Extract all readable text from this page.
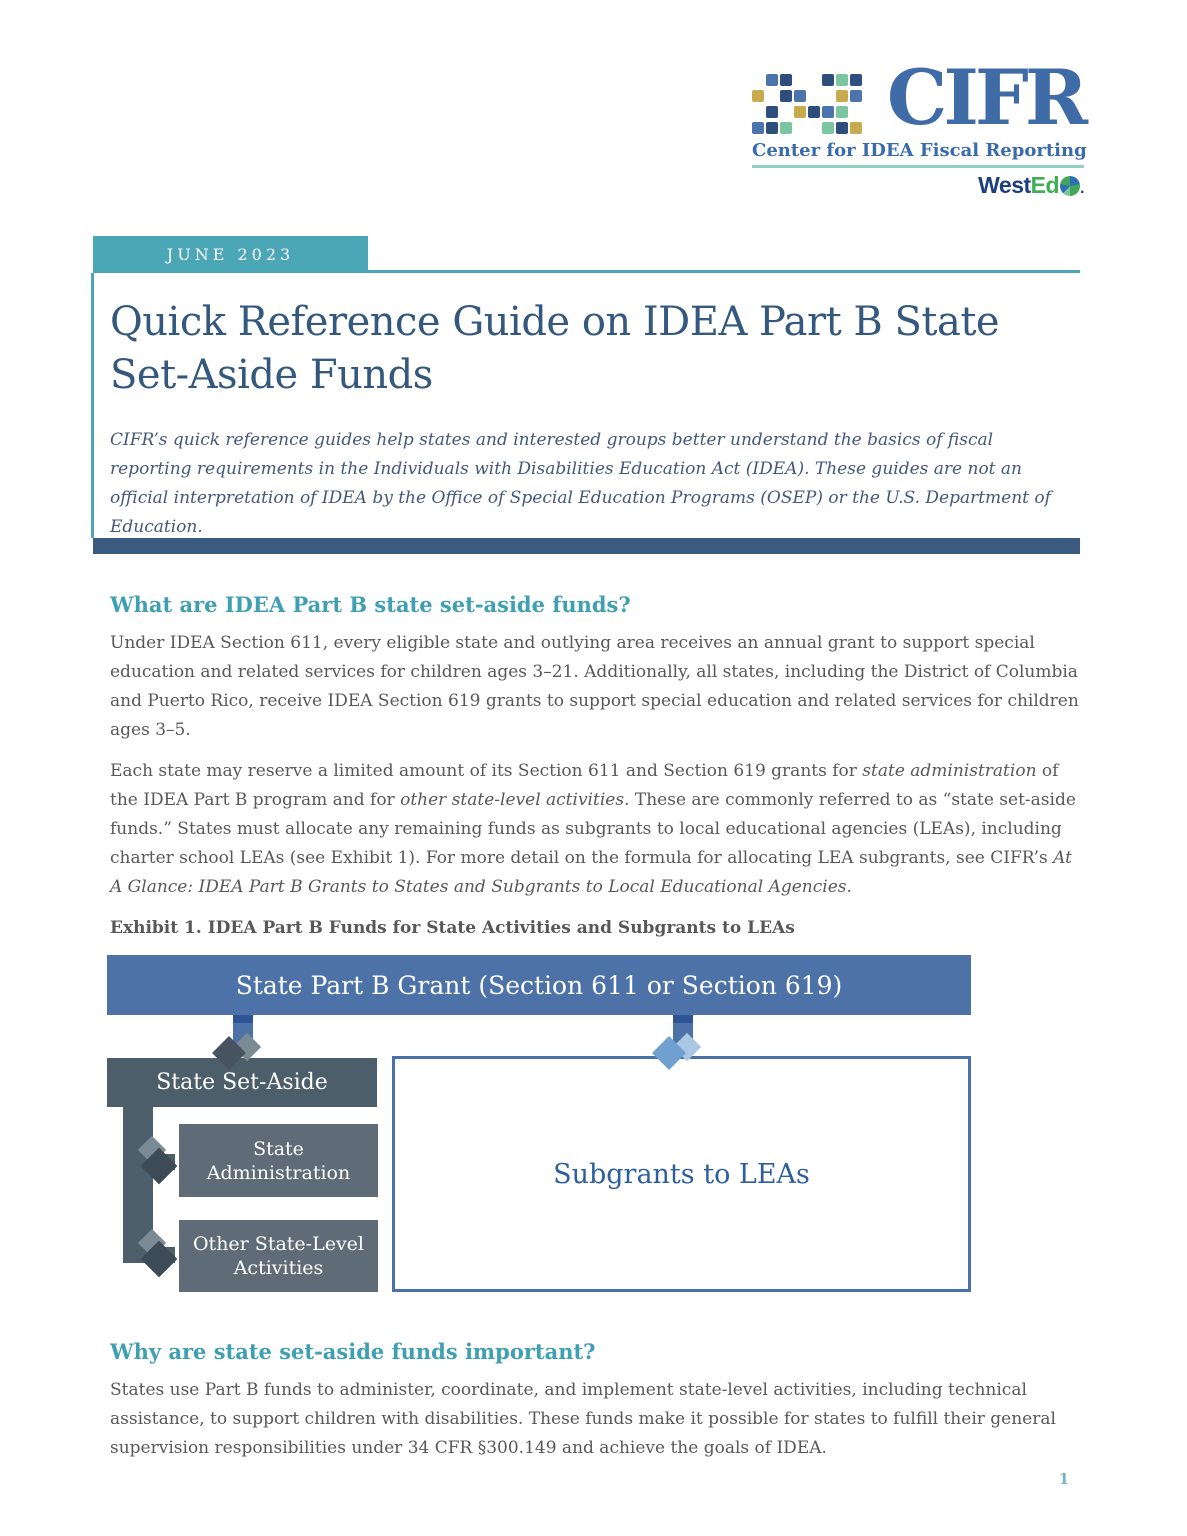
CIFR
Center for IDEA Fiscal Reporting
WestEd .
JUNE 2023
Quick Reference Guide on IDEA Part B State Set-Aside Funds

CIFR’s quick reference guides help states and interested groups better understand the basics of fiscal reporting requirements in the Individuals with Disabilities Education Act (IDEA). These guides are not an official interpretation of IDEA by the Office of Special Education Programs (OSEP) or the U.S. Department of Education.

What are IDEA Part B state set-aside funds?

Under IDEA Section 611, every eligible state and outlying area receives an annual grant to support special education and related services for children ages 3–21. Additionally, all states, including the District of Columbia and Puerto Rico, receive IDEA Section 619 grants to support special education and related services for children ages 3–5.

Each state may reserve a limited amount of its Section 611 and Section 619 grants for state administration of the IDEA Part B program and for other state-level activities. These are commonly referred to as “state set-aside funds.” States must allocate any remaining funds as subgrants to local educational agencies (LEAs), including charter school LEAs (see Exhibit 1). For more detail on the formula for allocating LEA subgrants, see CIFR’s At A Glance: IDEA Part B Grants to States and Subgrants to Local Educational Agencies.

Exhibit 1. IDEA Part B Funds for State Activities and Subgrants to LEAs

State Part B Grant (Section 611 or Section 619)
State Set-Aside
State Administration
Other State-Level Activities
Subgrants to LEAs
Why are state set-aside funds important?

States use Part B funds to administer, coordinate, and implement state-level activities, including technical assistance, to support children with disabilities. These funds make it possible for states to fulfill their general supervision responsibilities under 34 CFR §300.149 and achieve the goals of IDEA.

1
